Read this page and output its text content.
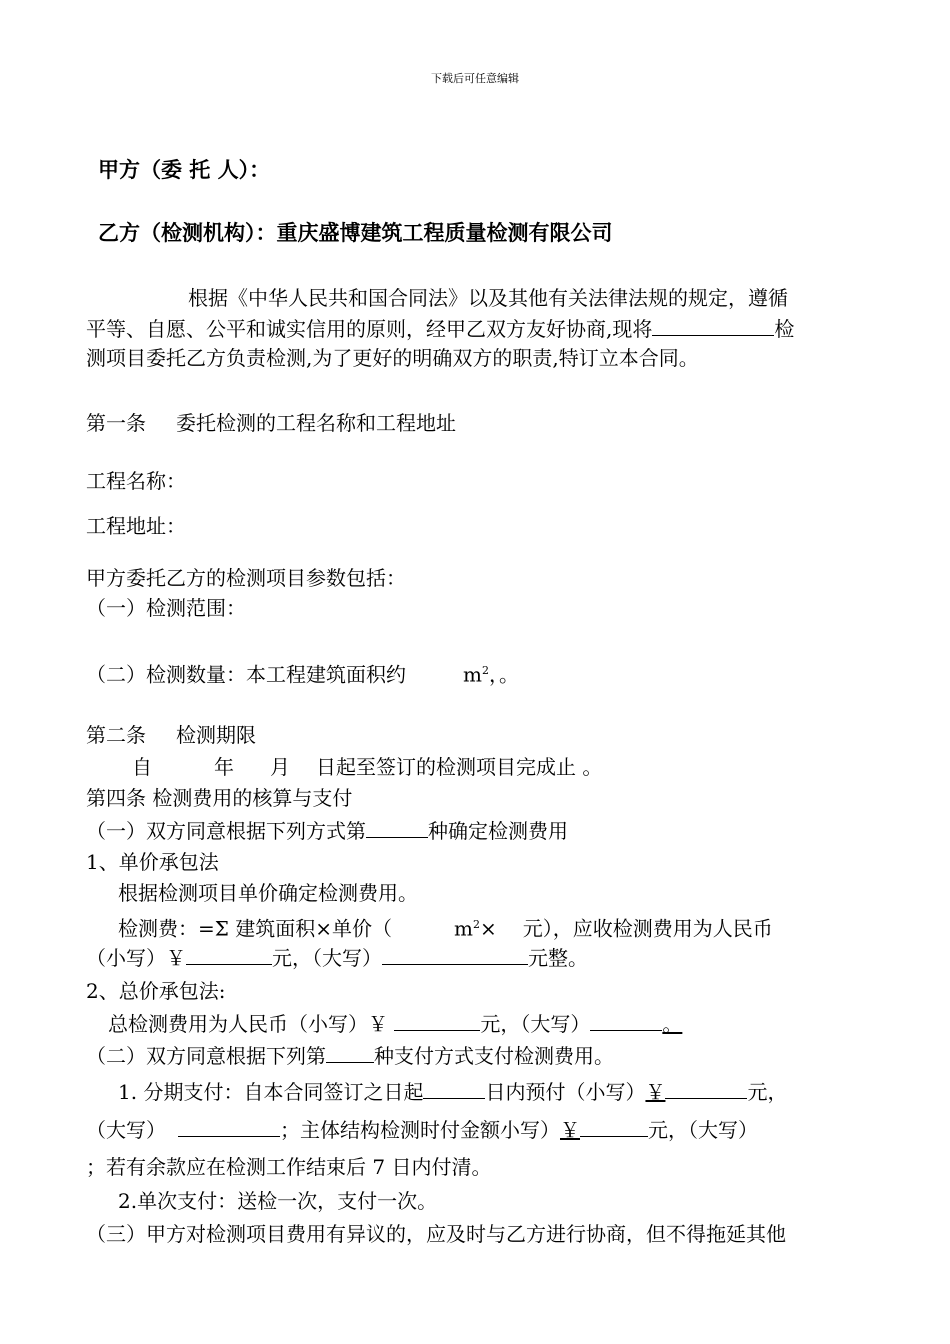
下载后可任意编辑
甲方（委 托 人）：
乙方（检测机构）：重庆盛博建筑工程质量检测有限公司
根据《中华人民共和国合同法》以及其他有关法律法规的规定，遵循
平等、自愿、公平和诚实信用的原则，经甲乙双方友好协商,现将	检
测项目委托乙方负责检测,为了更好的明确双方的职责,特订立本合同。
第一条 委托检测的工程名称和工程地址
工程名称：
工程地址：
甲方委托乙方的检测项目参数包括：
（一）检测范围：
（二）检测数量：本工程建筑面积约	$m^2$，。
第二条 检测期限
自	年 月 日起至签订的检测项目完成止 。
第四条 检测费用的核算与支付
（一）双方同意根据下列方式第	种确定检测费用
1、单价承包法
根据检测项目单价确定检测费用。
检测费：=Σ 建筑面积×单价（	$m^2\times$ 元），应收检测费用为人民币
（小写）￥	元，（大写）	元整。
2、总价承包法:
总检测费用为人民币（小写）￥	元，（大写）	。
（二）双方同意根据下列第 种支付方式支付检测费用。
1. 分期支付：自本合同签订之日起	日内预付（小写）￥	元，
（大写）	；主体结构检测时付金额小写）￥	元，（大写）
；若有余款应在检测工作结束后 7 日内付清。
2.单次支付：送检一次，支付一次。
（三）甲方对检测项目费用有异议的，应及时与乙方进行协商，但不得拖延其他
